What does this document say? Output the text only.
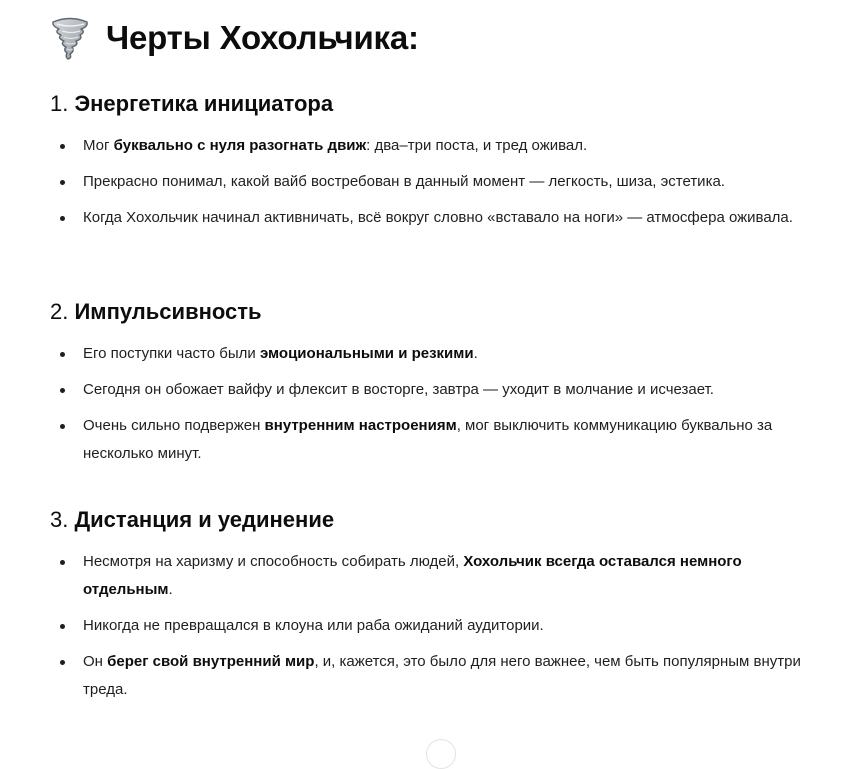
Черты Хохольчика:
1. Энергетика инициатора
Мог буквально с нуля разогнать движ: два–три поста, и тред оживал.
Прекрасно понимал, какой вайб востребован в данный момент — легкость, шиза, эстетика.
Когда Хохольчик начинал активничать, всё вокруг словно «вставало на ноги» — атмосфера оживала.
2. Импульсивность
Его поступки часто были эмоциональными и резкими.
Сегодня он обожает вайфу и флексит в восторге, завтра — уходит в молчание и исчезает.
Очень сильно подвержен внутренним настроениям, мог выключить коммуникацию буквально за несколько минут.
3. Дистанция и уединение
Несмотря на харизму и способность собирать людей, Хохольчик всегда оставался немного отдельным.
Никогда не превращался в клоуна или раба ожиданий аудитории.
Он берег свой внутренний мир, и, кажется, это было для него важнее, чем быть популярным внутри треда.
